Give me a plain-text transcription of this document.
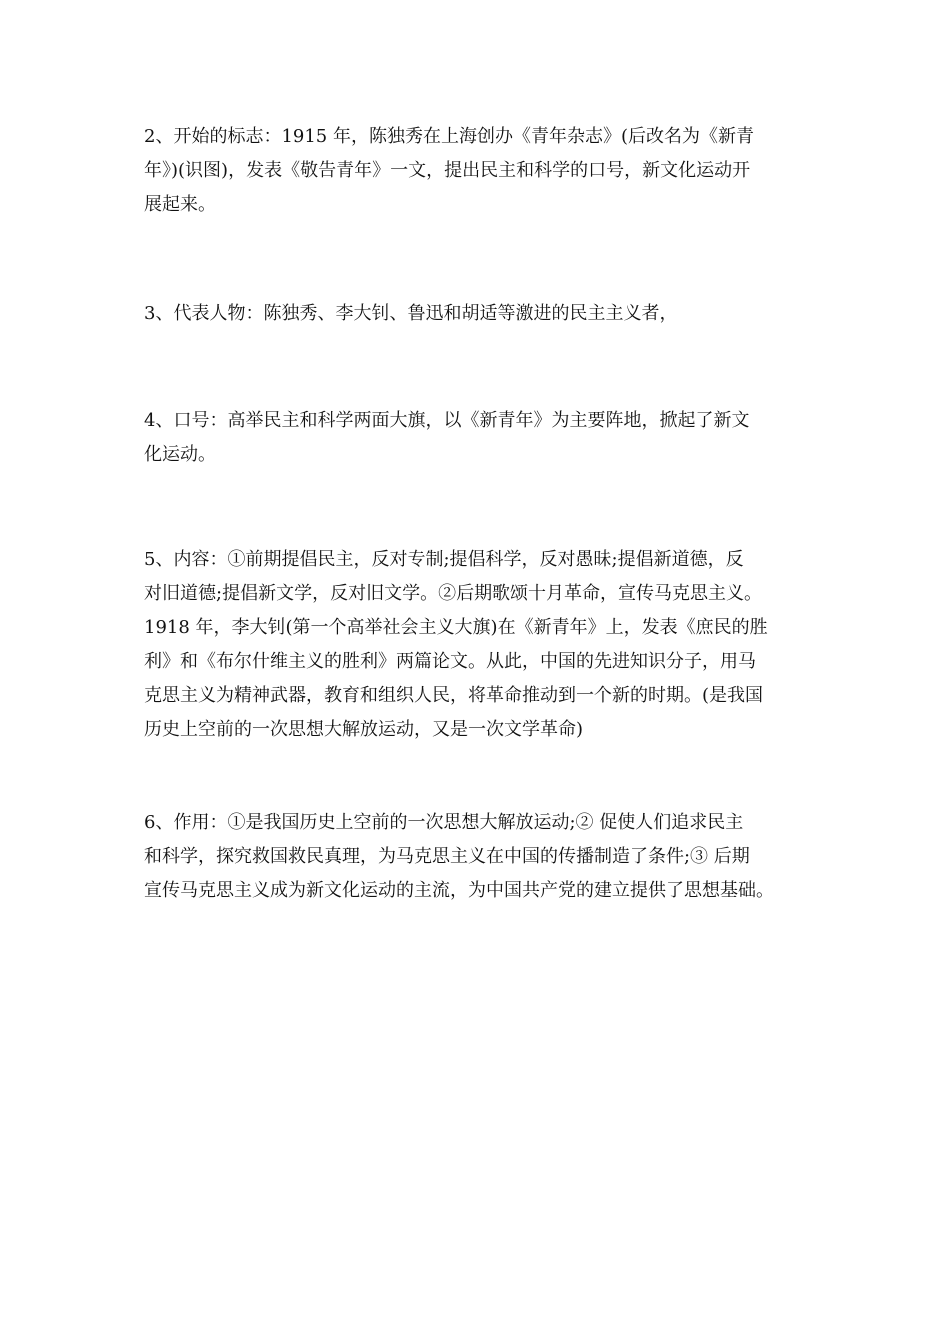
2、开始的标志：1915 年，陈独秀在上海创办《青年杂志》(后改名为《新青
年》)(识图)，发表《敬告青年》一文，提出民主和科学的口号，新文化运动开
展起来。

3、代表人物：陈独秀、李大钊、鲁迅和胡适等激进的民主主义者，

4、口号：高举民主和科学两面大旗，以《新青年》为主要阵地，掀起了新文
化运动。

5、内容：①前期提倡民主，反对专制;提倡科学，反对愚昧;提倡新道德，反
对旧道德;提倡新文学，反对旧文学。②后期歌颂十月革命，宣传马克思主义。
1918 年，李大钊(第一个高举社会主义大旗)在《新青年》上，发表《庶民的胜
利》和《布尔什维主义的胜利》两篇论文。从此，中国的先进知识分子，用马
克思主义为精神武器，教育和组织人民，将革命推动到一个新的时期。(是我国
历史上空前的一次思想大解放运动，又是一次文学革命)

6、作用：①是我国历史上空前的一次思想大解放运动;② 促使人们追求民主
和科学，探究救国救民真理，为马克思主义在中国的传播制造了条件;③ 后期
宣传马克思主义成为新文化运动的主流，为中国共产党的建立提供了思想基础。
